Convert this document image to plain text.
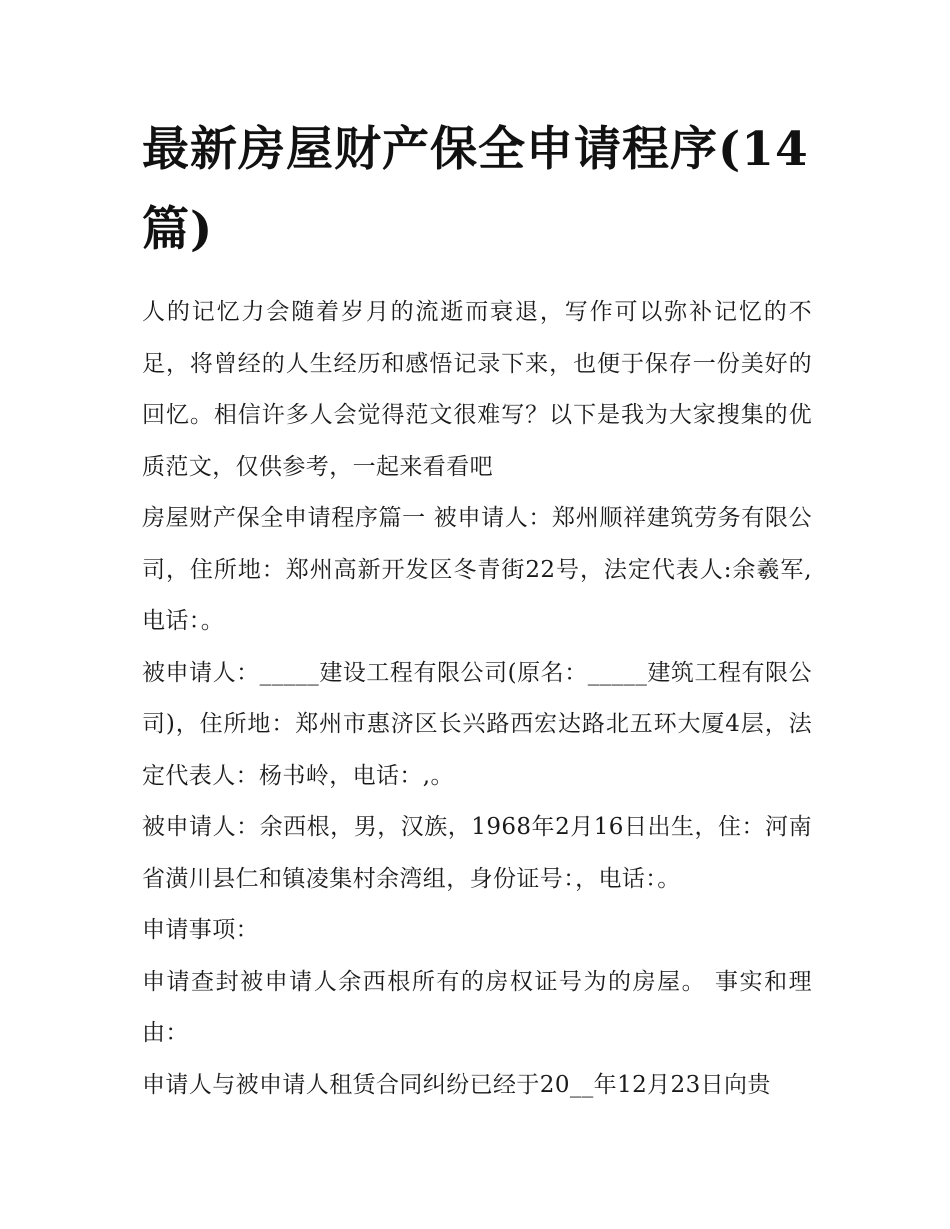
最新房屋财产保全申请程序(14篇)

人的记忆力会随着岁月的流逝而衰退，写作可以弥补记忆的不足，将曾经的人生经历和感悟记录下来，也便于保存一份美好的回忆。相信许多人会觉得范文很难写？以下是我为大家搜集的优质范文，仅供参考，一起来看看吧

房屋财产保全申请程序篇一 被申请人：郑州顺祥建筑劳务有限公司，住所地：郑州高新开发区冬青街22号，法定代表人:余羲军,电话：。

被申请人：_____建设工程有限公司(原名：_____建筑工程有限公司)，住所地：郑州市惠济区长兴路西宏达路北五环大厦4层，法定代表人：杨书岭，电话：,。

被申请人：余西根，男，汉族，1968年2月16日出生，住：河南省潢川县仁和镇凌集村余湾组，身份证号：，电话：。

申请事项：

申请查封被申请人余西根所有的房权证号为的房屋。 事实和理由：

申请人与被申请人租赁合同纠纷已经于20__年12月23日向贵
